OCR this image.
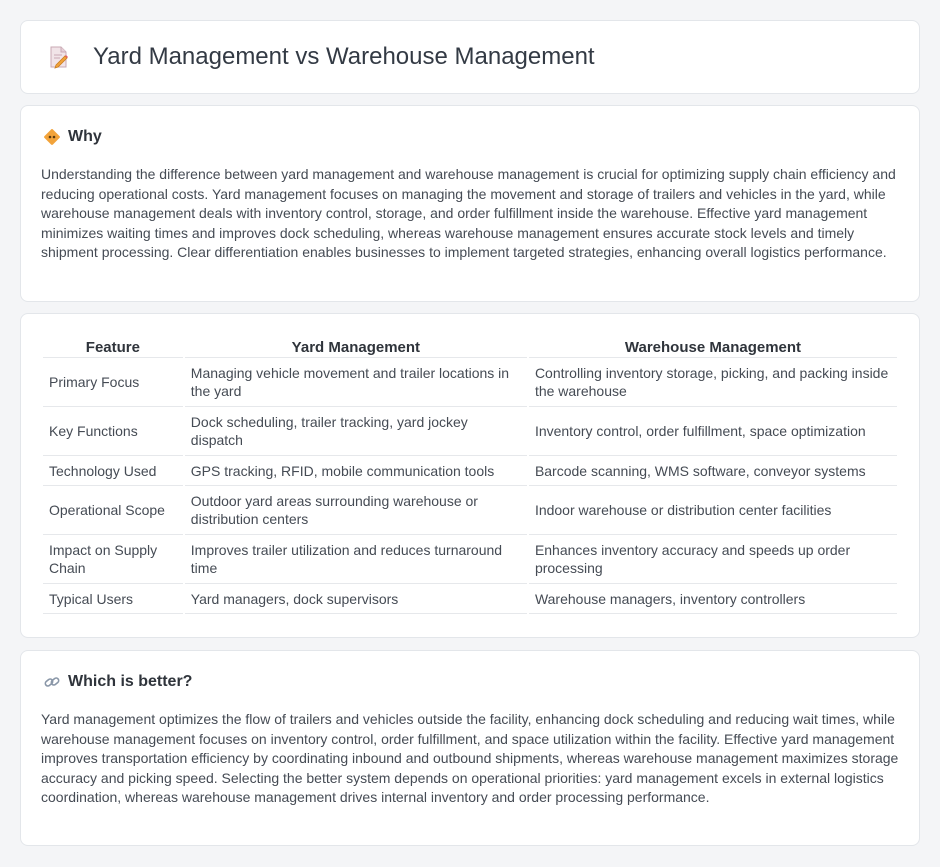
Yard Management vs Warehouse Management
Why

Understanding the difference between yard management and warehouse management is crucial for optimizing supply chain efficiency and reducing operational costs. Yard management focuses on managing the movement and storage of trailers and vehicles in the yard, while warehouse management deals with inventory control, storage, and order fulfillment inside the warehouse. Effective yard management minimizes waiting times and improves dock scheduling, whereas warehouse management ensures accurate stock levels and timely shipment processing. Clear differentiation enables businesses to implement targeted strategies, enhancing overall logistics performance.

Feature	Yard Management	Warehouse Management
Primary Focus	Managing vehicle movement and trailer locations in the yard	Controlling inventory storage, picking, and packing inside the warehouse
Key Functions	Dock scheduling, trailer tracking, yard jockey dispatch	Inventory control, order fulfillment, space optimization
Technology Used	GPS tracking, RFID, mobile communication tools	Barcode scanning, WMS software, conveyor systems
Operational Scope	Outdoor yard areas surrounding warehouse or distribution centers	Indoor warehouse or distribution center facilities
Impact on Supply Chain	Improves trailer utilization and reduces turnaround time	Enhances inventory accuracy and speeds up order processing
Typical Users	Yard managers, dock supervisors	Warehouse managers, inventory controllers
Which is better?

Yard management optimizes the flow of trailers and vehicles outside the facility, enhancing dock scheduling and reducing wait times, while warehouse management focuses on inventory control, order fulfillment, and space utilization within the facility. Effective yard management improves transportation efficiency by coordinating inbound and outbound shipments, whereas warehouse management maximizes storage accuracy and picking speed. Selecting the better system depends on operational priorities: yard management excels in external logistics coordination, whereas warehouse management drives internal inventory and order processing performance.
